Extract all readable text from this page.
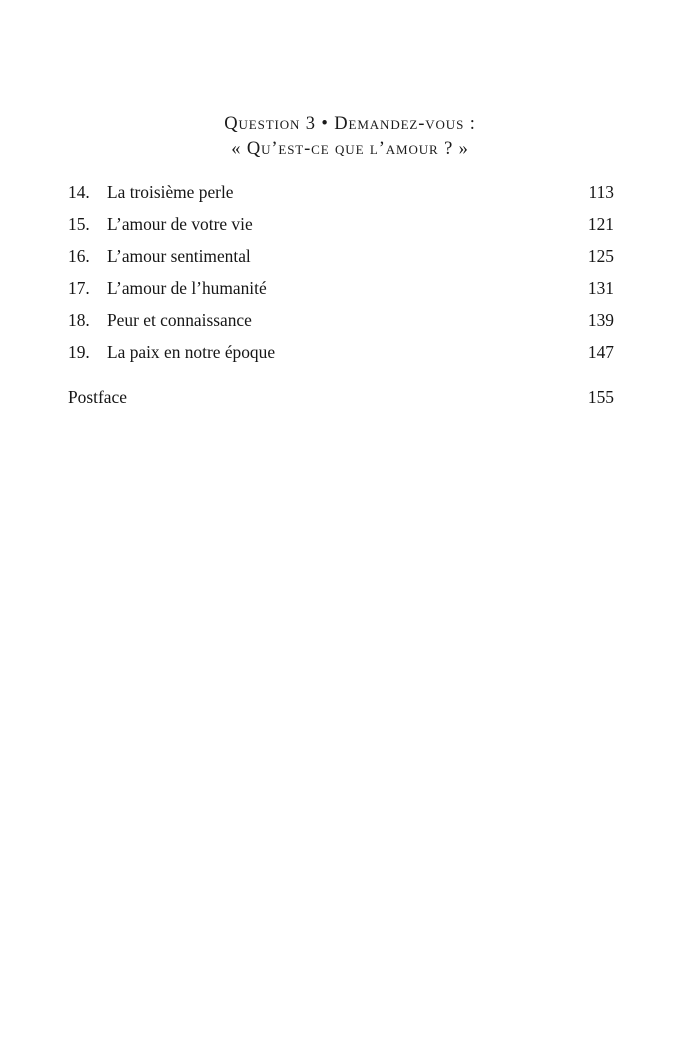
Question 3 • Demandez-vous :
« Qu’est-ce que l’amour ? »
14. La troisième perle .....	113
15. L’amour de votre vie .....	121
16. L’amour sentimental .....	125
17. L’amour de l’humanité .....	131
18. Peur et connaissance .....	139
19. La paix en notre époque .....	147
Postface .....	155
